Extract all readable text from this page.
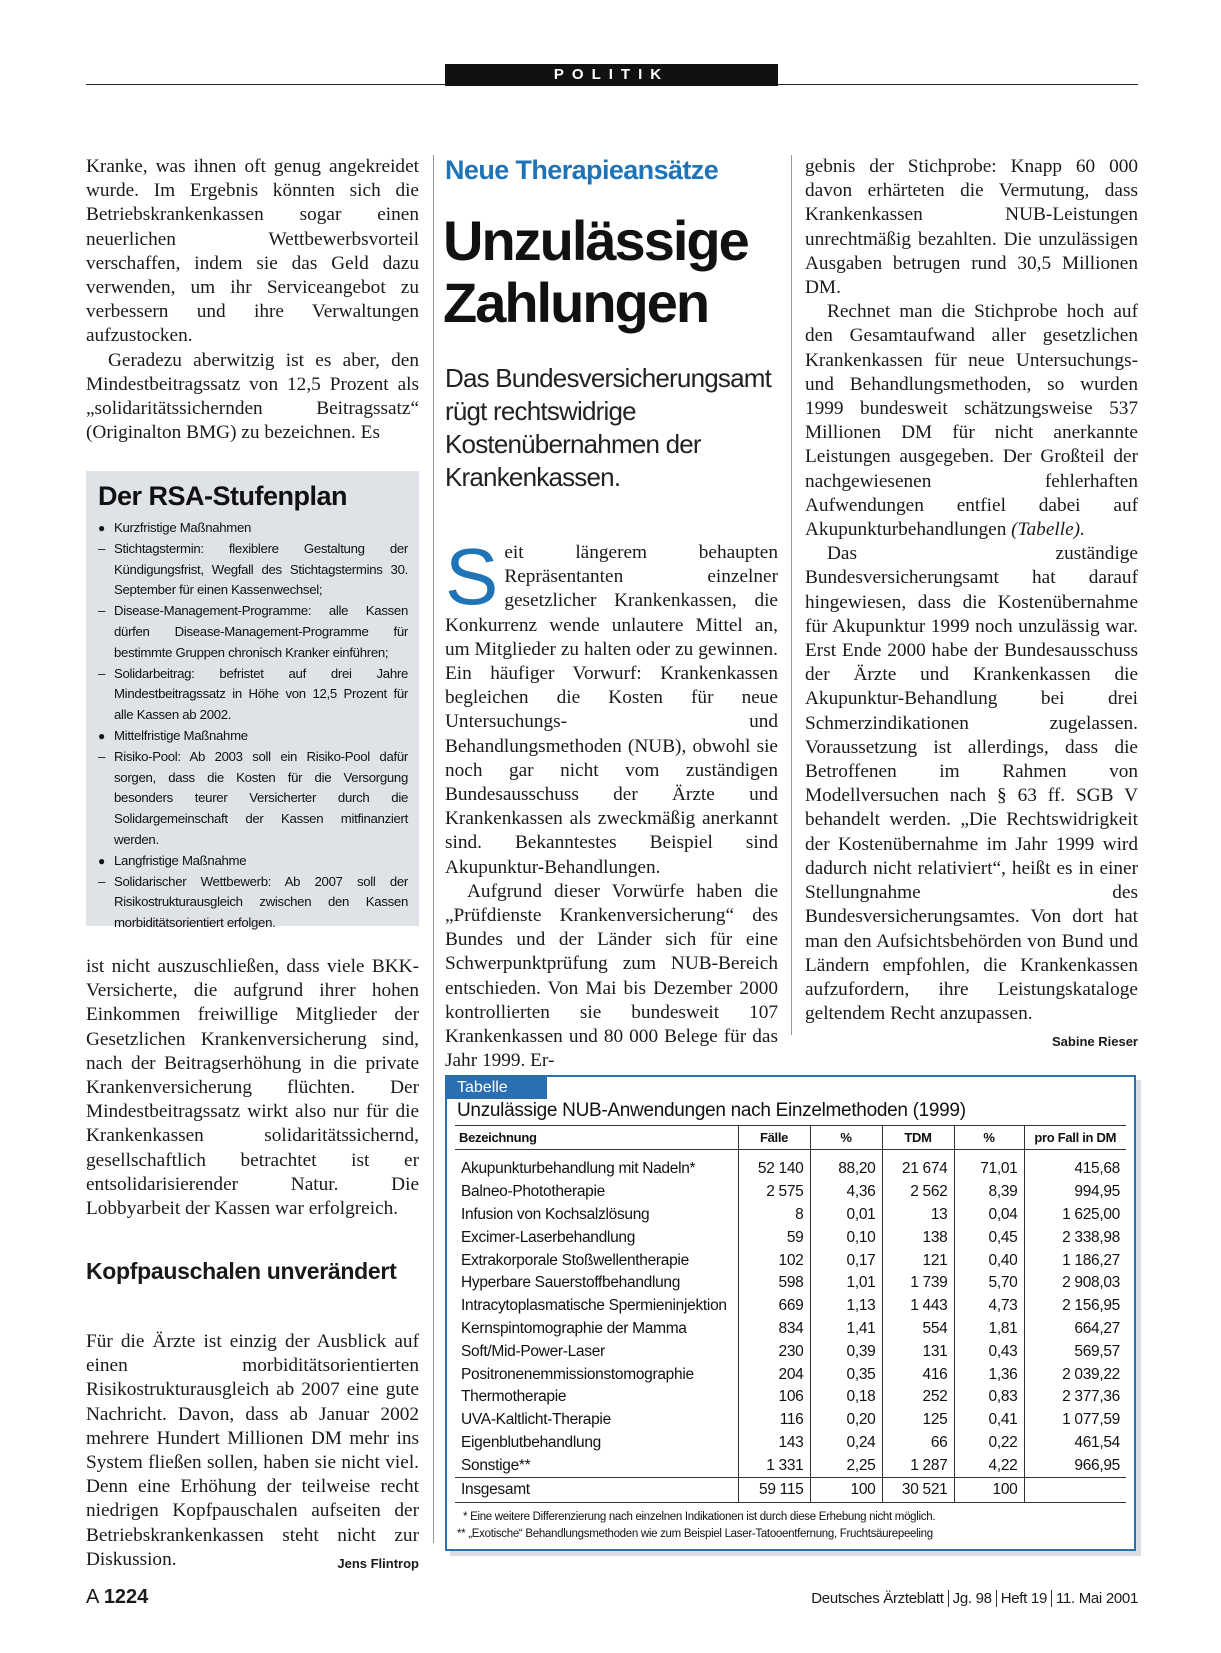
POLITIK

Kranke, was ihnen oft genug angekreidet wurde. Im Ergebnis könnten sich die Betriebskrankenkassen sogar einen neuerlichen Wettbewerbsvorteil verschaffen, indem sie das Geld dazu verwenden, um ihr Serviceangebot zu verbessern und ihre Verwaltungen aufzustocken.

Geradezu aberwitzig ist es aber, den Mindestbeitragssatz von 12,5 Prozent als „solidaritätssichernden Beitragssatz“ (Originalton BMG) zu bezeichnen. Es

Der RSA-Stufenplan
● Kurzfristige Maßnahmen
– Stichtagstermin: flexiblere Gestaltung der Kündigungsfrist, Wegfall des Stichtagstermins 30. September für einen Kassenwechsel;
– Disease-Management-Programme: alle Kassen dürfen Disease-Management-Programme für bestimmte Gruppen chronisch Kranker einführen;
– Solidarbeitrag: befristet auf drei Jahre Mindestbeitragssatz in Höhe von 12,5 Prozent für alle Kassen ab 2002.
● Mittelfristige Maßnahme
– Risiko-Pool: Ab 2003 soll ein Risiko-Pool dafür sorgen, dass die Kosten für die Versorgung besonders teurer Versicherter durch die Solidargemeinschaft der Kassen mitfinanziert werden.
● Langfristige Maßnahme
– Solidarischer Wettbewerb: Ab 2007 soll der Risikostrukturausgleich zwischen den Kassen morbiditätsorientiert erfolgen.

ist nicht auszuschließen, dass viele BKK-Versicherte, die aufgrund ihrer hohen Einkommen freiwillige Mitglieder der Gesetzlichen Krankenversicherung sind, nach der Beitragserhöhung in die private Krankenversicherung flüchten. Der Mindestbeitragssatz wirkt also nur für die Krankenkassen solidaritätssichernd, gesellschaftlich betrachtet ist er entsolidarisierender Natur. Die Lobbyarbeit der Kassen war erfolgreich.

Kopfpauschalen unverändert

Für die Ärzte ist einzig der Ausblick auf einen morbiditätsorientierten Risikostrukturausgleich ab 2007 eine gute Nachricht. Davon, dass ab Januar 2002 mehrere Hundert Millionen DM mehr ins System fließen sollen, haben sie nicht viel. Denn eine Erhöhung der teilweise recht niedrigen Kopfpauschalen aufseiten der Betriebskrankenkassen steht nicht zur Diskussion.	Jens Flintrop

Neue Therapieansätze
Unzulässige
Zahlungen

Das Bundesversicherungsamt rügt rechtswidrige Kostenübernahmen der Krankenkassen.

Seit längerem behaupten Repräsentanten einzelner gesetzlicher Krankenkassen, die Konkurrenz wende unlautere Mittel an, um Mitglieder zu halten oder zu gewinnen. Ein häufiger Vorwurf: Krankenkassen begleichen die Kosten für neue Untersuchungs- und Behandlungsmethoden (NUB), obwohl sie noch gar nicht vom zuständigen Bundesausschuss der Ärzte und Krankenkassen als zweckmäßig anerkannt sind. Bekanntestes Beispiel sind Akupunktur-Behandlungen.

Aufgrund dieser Vorwürfe haben die „Prüfdienste Krankenversicherung“ des Bundes und der Länder sich für eine Schwerpunktprüfung zum NUB-Bereich entschieden. Von Mai bis Dezember 2000 kontrollierten sie bundesweit 107 Krankenkassen und 80 000 Belege für das Jahr 1999. Er-

gebnis der Stichprobe: Knapp 60 000 davon erhärteten die Vermutung, dass Krankenkassen NUB-Leistungen unrechtmäßig bezahlten. Die unzulässigen Ausgaben betrugen rund 30,5 Millionen DM.

Rechnet man die Stichprobe hoch auf den Gesamtaufwand aller gesetzlichen Krankenkassen für neue Untersuchungs- und Behandlungsmethoden, so wurden 1999 bundesweit schätzungsweise 537 Millionen DM für nicht anerkannte Leistungen ausgegeben. Der Großteil der nachgewiesenen fehlerhaften Aufwendungen entfiel dabei auf Akupunkturbehandlungen (Tabelle).

Das zuständige Bundesversicherungsamt hat darauf hingewiesen, dass die Kostenübernahme für Akupunktur 1999 noch unzulässig war. Erst Ende 2000 habe der Bundesausschuss der Ärzte und Krankenkassen die Akupunktur-Behandlung bei drei Schmerzindikationen zugelassen. Voraussetzung ist allerdings, dass die Betroffenen im Rahmen von Modellversuchen nach § 63 ff. SGB V behandelt werden. „Die Rechtswidrigkeit der Kostenübernahme im Jahr 1999 wird dadurch nicht relativiert“, heißt es in einer Stellungnahme des Bundesversicherungsamtes. Von dort hat man den Aufsichtsbehörden von Bund und Ländern empfohlen, die Krankenkassen aufzufordern, ihre Leistungskataloge geltendem Recht anzupassen.
Sabine Rieser

Tabelle
Unzulässige NUB-Anwendungen nach Einzelmethoden (1999)
Bezeichnung	Fälle	%	TDM	%	pro Fall in DM
Akupunkturbehandlung mit Nadeln*	52 140	88,20	21 674	71,01	415,68
Balneo-Phototherapie	2 575	4,36	2 562	8,39	994,95
Infusion von Kochsalzlösung	8	0,01	13	0,04	1 625,00
Excimer-Laserbehandlung	59	0,10	138	0,45	2 338,98
Extrakorporale Stoßwellentherapie	102	0,17	121	0,40	1 186,27
Hyperbare Sauerstoffbehandlung	598	1,01	1 739	5,70	2 908,03
Intracytoplasmatische Spermieninjektion	669	1,13	1 443	4,73	2 156,95
Kernspintomographie der Mamma	834	1,41	554	1,81	664,27
Soft/Mid-Power-Laser	230	0,39	131	0,43	569,57
Positronenemmissionstomographie	204	0,35	416	1,36	2 039,22
Thermotherapie	106	0,18	252	0,83	2 377,36
UVA-Kaltlicht-Therapie	116	0,20	125	0,41	1 077,59
Eigenblutbehandlung	143	0,24	66	0,22	461,54
Sonstige**	1 331	2,25	1 287	4,22	966,95
Insgesamt	59 115	100	30 521	100	
* Eine weitere Differenzierung nach einzelnen Indikationen ist durch diese Erhebung nicht möglich.
** „Exotische“ Behandlungsmethoden wie zum Beispiel Laser-Tatooentfernung, Fruchtsäurepeeling
A 1224	Deutsches Ärzteblatt Jg. 98 Heft 19 11. Mai 2001
